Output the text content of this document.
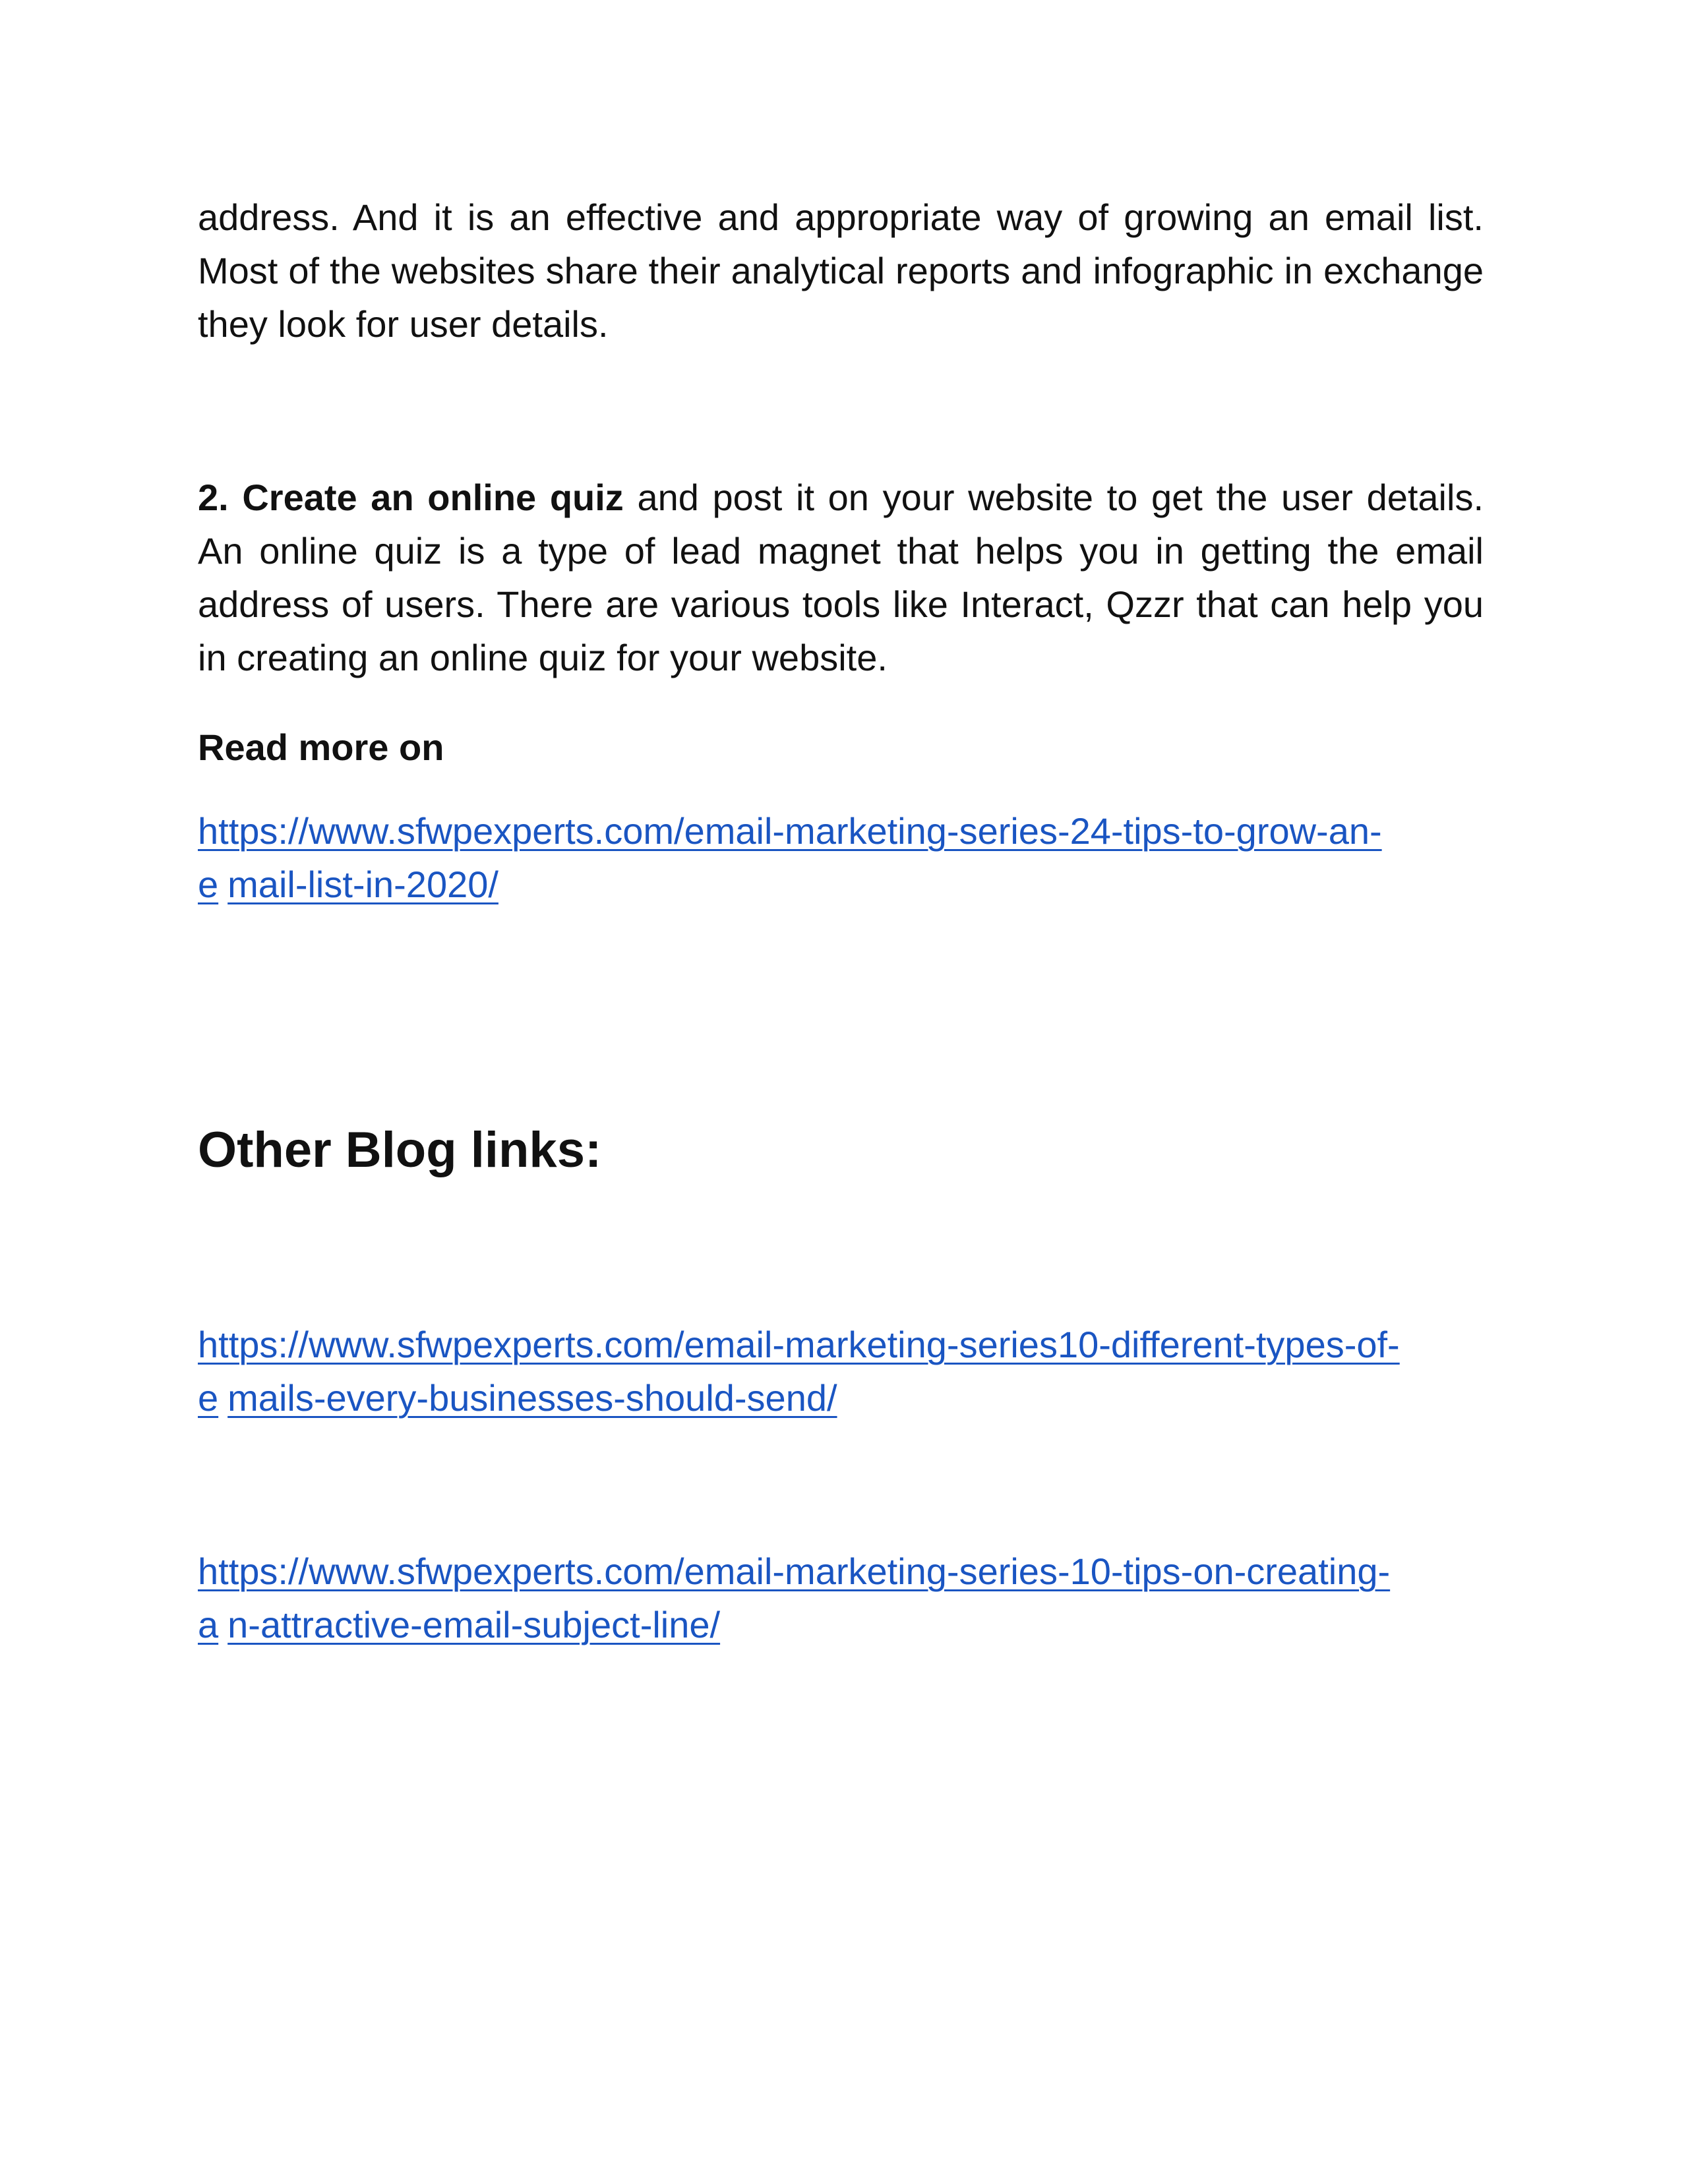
address. And it is an effective and appropriate way of growing an email list. Most of the websites share their analytical reports and infographic in exchange they look for user details.

2. Create an online quiz and post it on your website to get the user details. An online quiz is a type of lead magnet that helps you in getting the email address of users. There are various tools like Interact, Qzzr that can help you in creating an online quiz for your website.

Read more on

https://www.sfwpexperts.com/email-marketing-series-24-tips-to-grow-an-
e mail-list-in-2020/

Other Blog links:

https://www.sfwpexperts.com/email-marketing-series10-different-types-of-
e mails-every-businesses-should-send/

https://www.sfwpexperts.com/email-marketing-series-10-tips-on-creating-
a n-attractive-email-subject-line/
